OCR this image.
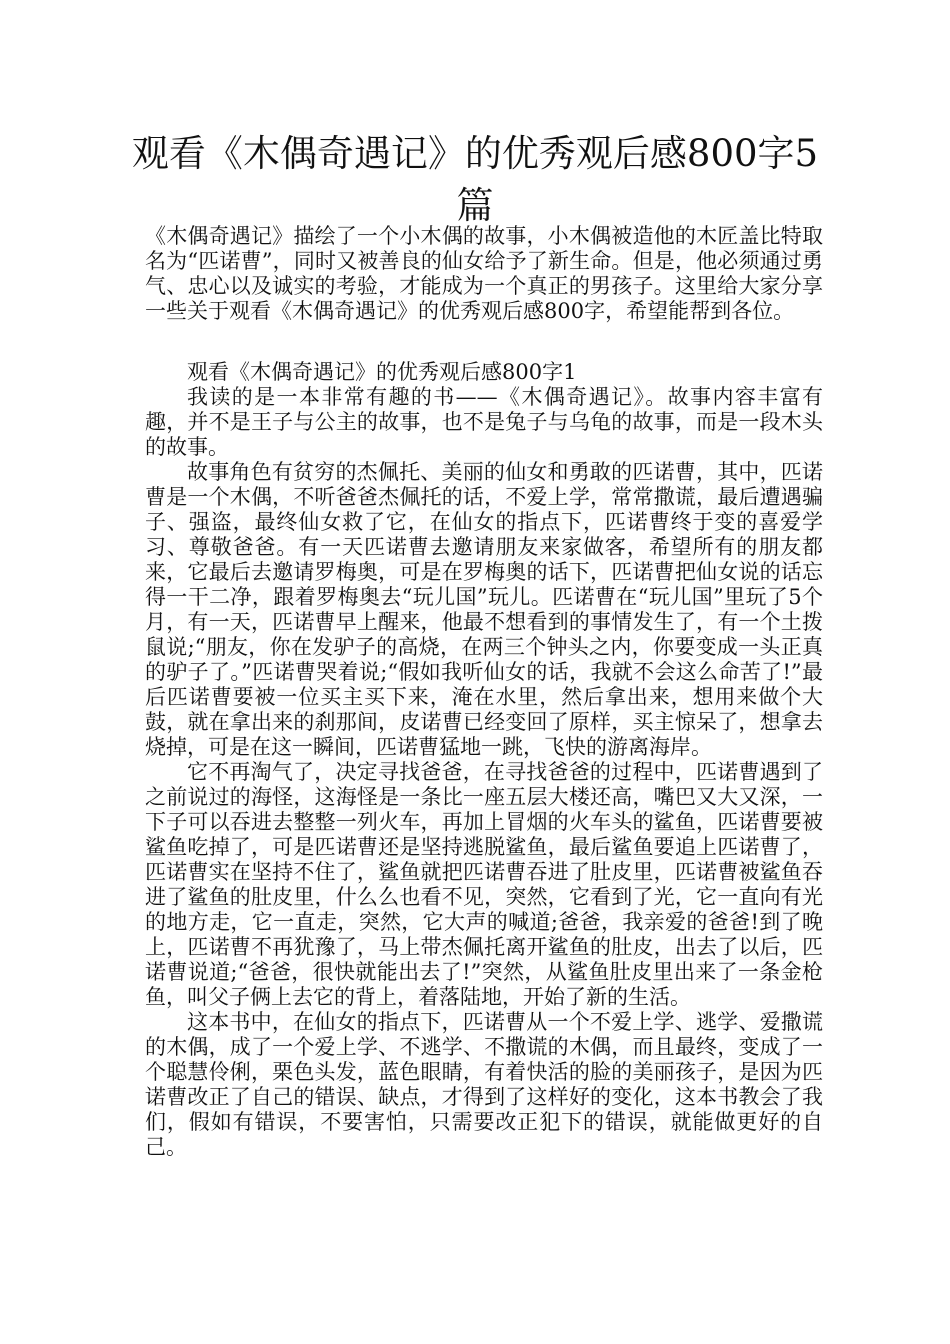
观看《木偶奇遇记》的优秀观后感800字5篇

《木偶奇遇记》描绘了一个小木偶的故事，小木偶被造他的木匠盖比特取名为“匹诺曹”，同时又被善良的仙女给予了新生命。但是，他必须通过勇气、忠心以及诚实的考验，才能成为一个真正的男孩子。这里给大家分享一些关于观看《木偶奇遇记》的优秀观后感800字，希望能帮到各位。

观看《木偶奇遇记》的优秀观后感800字1

我读的是一本非常有趣的书——《木偶奇遇记》。故事内容丰富有趣，并不是王子与公主的故事，也不是兔子与乌龟的故事，而是一段木头的故事。

故事角色有贫穷的杰佩托、美丽的仙女和勇敢的匹诺曹，其中，匹诺曹是一个木偶，不听爸爸杰佩托的话，不爱上学，常常撒谎，最后遭遇骗子、强盗，最终仙女救了它，在仙女的指点下，匹诺曹终于变的喜爱学习、尊敬爸爸。有一天匹诺曹去邀请朋友来家做客，希望所有的朋友都来，它最后去邀请罗梅奥，可是在罗梅奥的话下，匹诺曹把仙女说的话忘得一干二净，跟着罗梅奥去“玩儿国”玩儿。匹诺曹在“玩儿国”里玩了5个月，有一天，匹诺曹早上醒来，他最不想看到的事情发生了，有一个土拨鼠说;“朋友，你在发驴子的高烧，在两三个钟头之内，你要变成一头正真的驴子了。”匹诺曹哭着说;“假如我听仙女的话，我就不会这么命苦了!”最后匹诺曹要被一位买主买下来，淹在水里，然后拿出来，想用来做个大鼓，就在拿出来的刹那间，皮诺曹已经变回了原样，买主惊呆了，想拿去烧掉，可是在这一瞬间，匹诺曹猛地一跳，飞快的游离海岸。

它不再淘气了，决定寻找爸爸，在寻找爸爸的过程中，匹诺曹遇到了之前说过的海怪，这海怪是一条比一座五层大楼还高，嘴巴又大又深，一下子可以吞进去整整一列火车，再加上冒烟的火车头的鲨鱼，匹诺曹要被鲨鱼吃掉了，可是匹诺曹还是坚持逃脱鲨鱼，最后鲨鱼要追上匹诺曹了，匹诺曹实在坚持不住了，鲨鱼就把匹诺曹吞进了肚皮里，匹诺曹被鲨鱼吞进了鲨鱼的肚皮里，什么么也看不见，突然，它看到了光，它一直向有光的地方走，它一直走，突然，它大声的喊道;爸爸，我亲爱的爸爸!到了晚上，匹诺曹不再犹豫了，马上带杰佩托离开鲨鱼的肚皮，出去了以后，匹诺曹说道;“爸爸，很快就能出去了!”突然，从鲨鱼肚皮里出来了一条金枪鱼，叫父子俩上去它的背上，着落陆地，开始了新的生活。

这本书中，在仙女的指点下，匹诺曹从一个不爱上学、逃学、爱撒谎的木偶，成了一个爱上学、不逃学、不撒谎的木偶，而且最终，变成了一个聪慧伶俐，栗色头发，蓝色眼睛，有着快活的脸的美丽孩子，是因为匹诺曹改正了自己的错误、缺点，才得到了这样好的变化，这本书教会了我们，假如有错误，不要害怕，只需要改正犯下的错误，就能做更好的自己。
